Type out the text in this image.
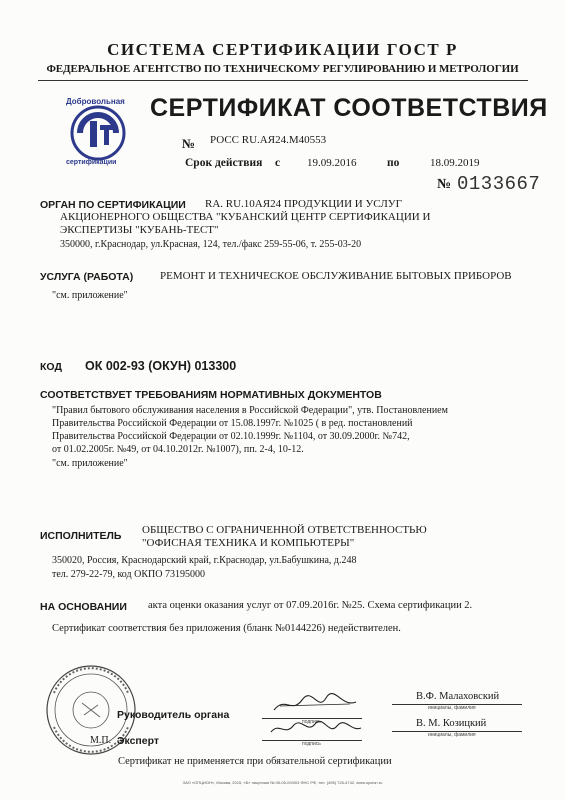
СИСТЕМА СЕРТИФИКАЦИИ ГОСТ Р
ФЕДЕРАЛЬНОЕ АГЕНТСТВО ПО ТЕХНИЧЕСКОМУ РЕГУЛИРОВАНИЮ И МЕТРОЛОГИИ
Добровольная
сертификации
СЕРТИФИКАТ СООТВЕТСТВИЯ
№ РОСС RU.АЯ24.М40553
Срок действия с 19.09.2016	по	18.09.2019
№ 0133667
ОРГАН ПО СЕРТИФИКАЦИИ RA. RU.10АЯ24 ПРОДУКЦИИ И УСЛУГ
АКЦИОНЕРНОГО ОБЩЕСТВА "КУБАНСКИЙ ЦЕНТР СЕРТИФИКАЦИИ И
ЭКСПЕРТИЗЫ "КУБАНЬ-ТЕСТ"
350000, г.Краснодар, ул.Красная, 124, тел./факс 259-55-06, т. 255-03-20
УСЛУГА (РАБОТА) РЕМОНТ И ТЕХНИЧЕСКОЕ ОБСЛУЖИВАНИЕ БЫТОВЫХ ПРИБОРОВ
"см. приложение"
КОД ОК 002-93 (ОКУН) 013300
СООТВЕТСТВУЕТ ТРЕБОВАНИЯМ НОРМАТИВНЫХ ДОКУМЕНТОВ
"Правил бытового обслуживания населения в Российской Федерации", утв. Постановлением
Правительства Российской Федерации от 15.08.1997г. №1025 ( в ред. постановлений
Правительства Российской Федерации от 02.10.1999г. №1104, от 30.09.2000г. №742,
от 01.02.2005г. №49, от 04.10.2012г. №1007), пп. 2-4, 10-12.
"см. приложение"
ИСПОЛНИТЕЛЬ ОБЩЕСТВО С ОГРАНИЧЕННОЙ ОТВЕТСТВЕННОСТЬЮ
"ОФИСНАЯ ТЕХНИКА И КОМПЬЮТЕРЫ"
350020, Россия, Краснодарский край, г.Краснодар, ул.Бабушкина, д.248
тел. 279-22-79, код ОКПО 73195000
НА ОСНОВАНИИ акта оценки оказания услуг от 07.09.2016г. №25. Схема сертификации 2.
Сертификат соответствия без приложения (бланк №0144226) недействителен.
М.П.
Руководитель органа
подпись
В.Ф. Малаховский
инициалы, фамилия
Эксперт	подпись
В. М. Козицкий
инициалы, фамилия
Сертификат не применяется при обязательной сертификации
ЗАО «ОПЦИОН», Москва, 2015, «Б» лицензия № 05-05-09/003 ФНС РФ, тел. (495) 726-4742, www.opcion.ru
